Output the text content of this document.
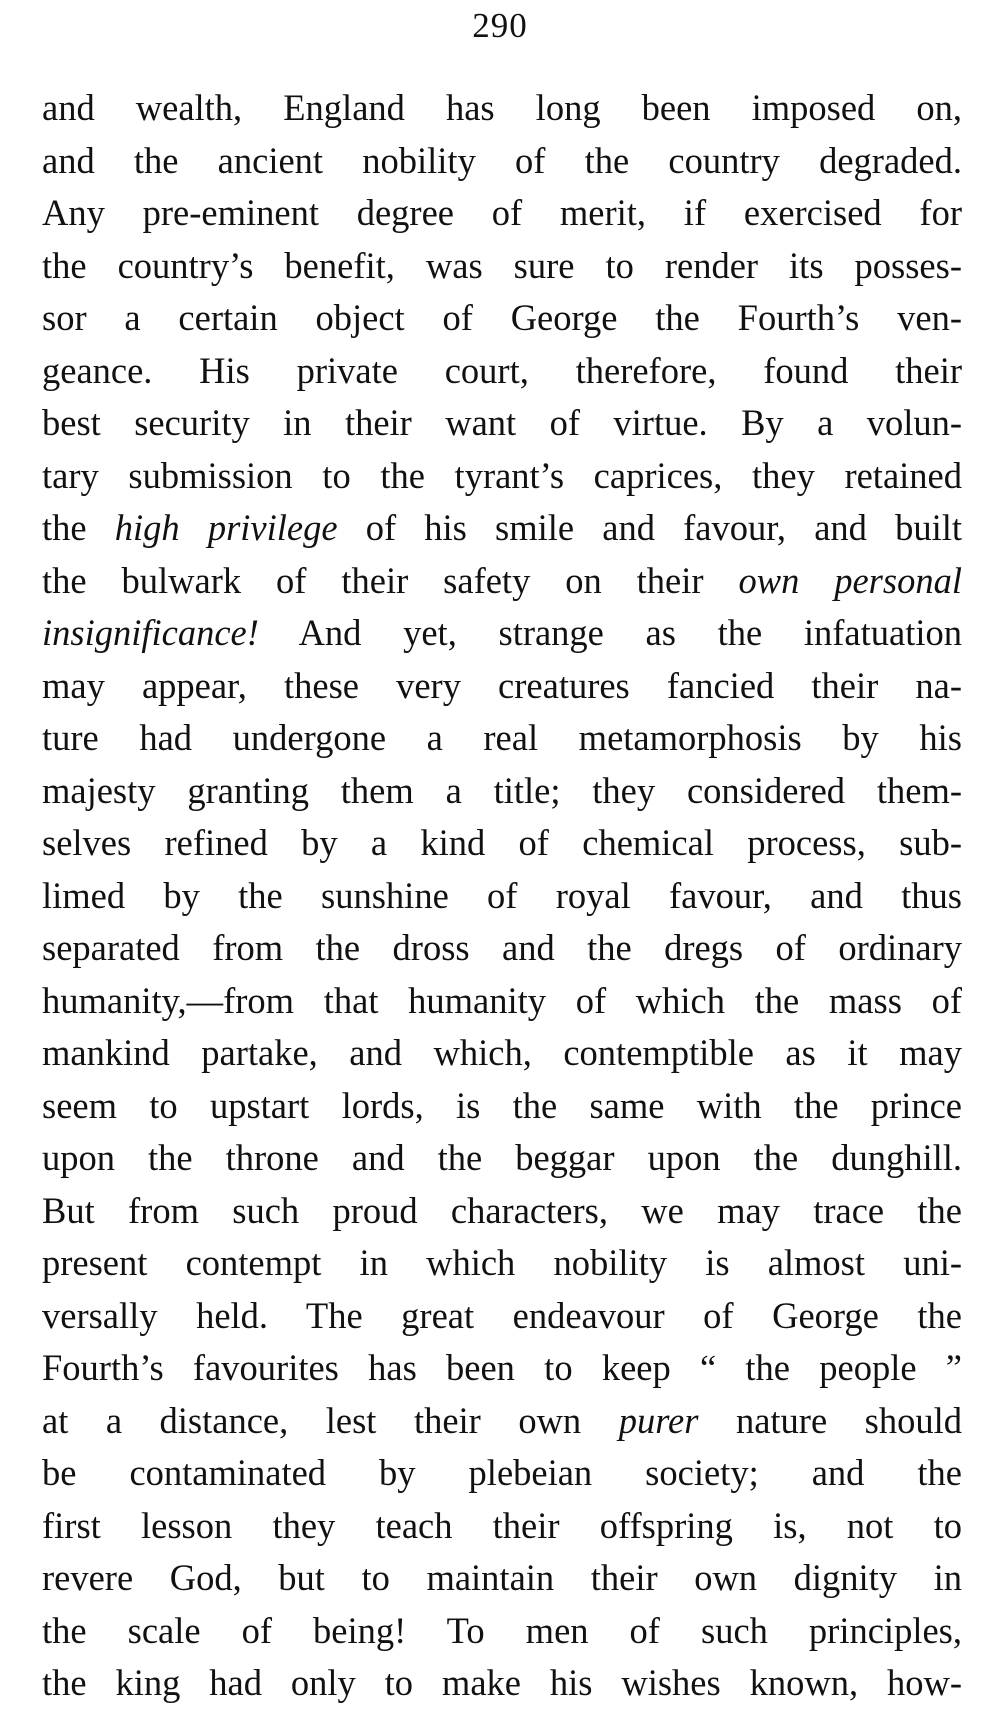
290
and wealth, England has long been imposed on,
and the ancient nobility of the country degraded.
Any pre-eminent degree of merit, if exercised for
the country’s benefit, was sure to render its posses-
sor a certain object of George the Fourth’s ven-
geance. His private court, therefore, found their
best security in their want of virtue. By a volun-
tary submission to the tyrant’s caprices, they retained
the high privilege of his smile and favour, and built
the bulwark of their safety on their own personal
insignificance! And yet, strange as the infatuation
may appear, these very creatures fancied their na-
ture had undergone a real metamorphosis by his
majesty granting them a title; they considered them-
selves refined by a kind of chemical process, sub-
limed by the sunshine of royal favour, and thus
separated from the dross and the dregs of ordinary
humanity,—from that humanity of which the mass of
mankind partake, and which, contemptible as it may
seem to upstart lords, is the same with the prince
upon the throne and the beggar upon the dunghill.
But from such proud characters, we may trace the
present contempt in which nobility is almost uni-
versally held. The great endeavour of George the
Fourth’s favourites has been to keep “ the people ”
at a distance, lest their own purer nature should
be contaminated by plebeian society; and the
first lesson they teach their offspring is, not to
revere God, but to maintain their own dignity in
the scale of being! To men of such principles,
the king had only to make his wishes known, how-
